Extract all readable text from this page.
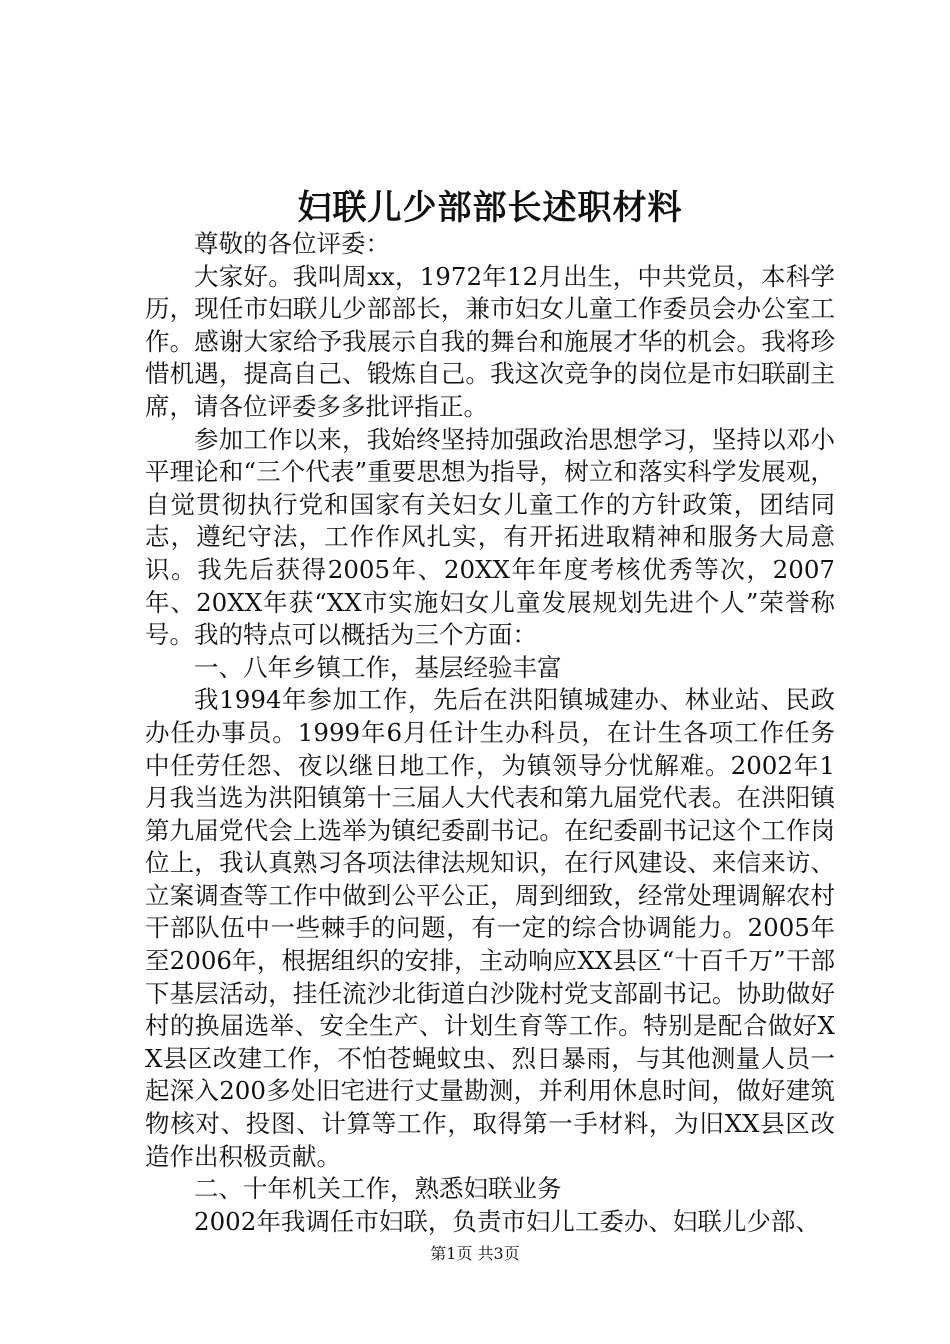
妇联儿少部部长述职材料

尊敬的各位评委：

大家好。我叫周xx，1972年12月出生，中共党员，本科学历，现任市妇联儿少部部长，兼市妇女儿童工作委员会办公室工作。感谢大家给予我展示自我的舞台和施展才华的机会。我将珍惜机遇，提高自己、锻炼自己。我这次竞争的岗位是市妇联副主席，请各位评委多多批评指正。

参加工作以来，我始终坚持加强政治思想学习，坚持以邓小平理论和“三个代表”重要思想为指导，树立和落实科学发展观，自觉贯彻执行党和国家有关妇女儿童工作的方针政策，团结同志，遵纪守法，工作作风扎实，有开拓进取精神和服务大局意识。我先后获得2005年、20XX年年度考核优秀等次，2007年、20XX年获“XX市实施妇女儿童发展规划先进个人”荣誉称号。我的特点可以概括为三个方面：

一、八年乡镇工作，基层经验丰富

我1994年参加工作，先后在洪阳镇城建办、林业站、民政办任办事员。1999年6月任计生办科员，在计生各项工作任务中任劳任怨、夜以继日地工作，为镇领导分忧解难。2002年1月我当选为洪阳镇第十三届人大代表和第九届党代表。在洪阳镇第九届党代会上选举为镇纪委副书记。在纪委副书记这个工作岗位上，我认真熟习各项法律法规知识，在行风建设、来信来访、立案调查等工作中做到公平公正，周到细致，经常处理调解农村干部队伍中一些棘手的问题，有一定的综合协调能力。2005年至2006年，根据组织的安排，主动响应XX县区“十百千万”干部下基层活动，挂任流沙北街道白沙陇村党支部副书记。协助做好村的换届选举、安全生产、计划生育等工作。特别是配合做好XX县区改建工作，不怕苍蝇蚊虫、烈日暴雨，与其他测量人员一起深入200多处旧宅进行丈量勘测，并利用休息时间，做好建筑物核对、投图、计算等工作，取得第一手材料，为旧XX县区改造作出积极贡献。

二、十年机关工作，熟悉妇联业务

2002年我调任市妇联，负责市妇儿工委办、妇联儿少部、

第1页 共3页
